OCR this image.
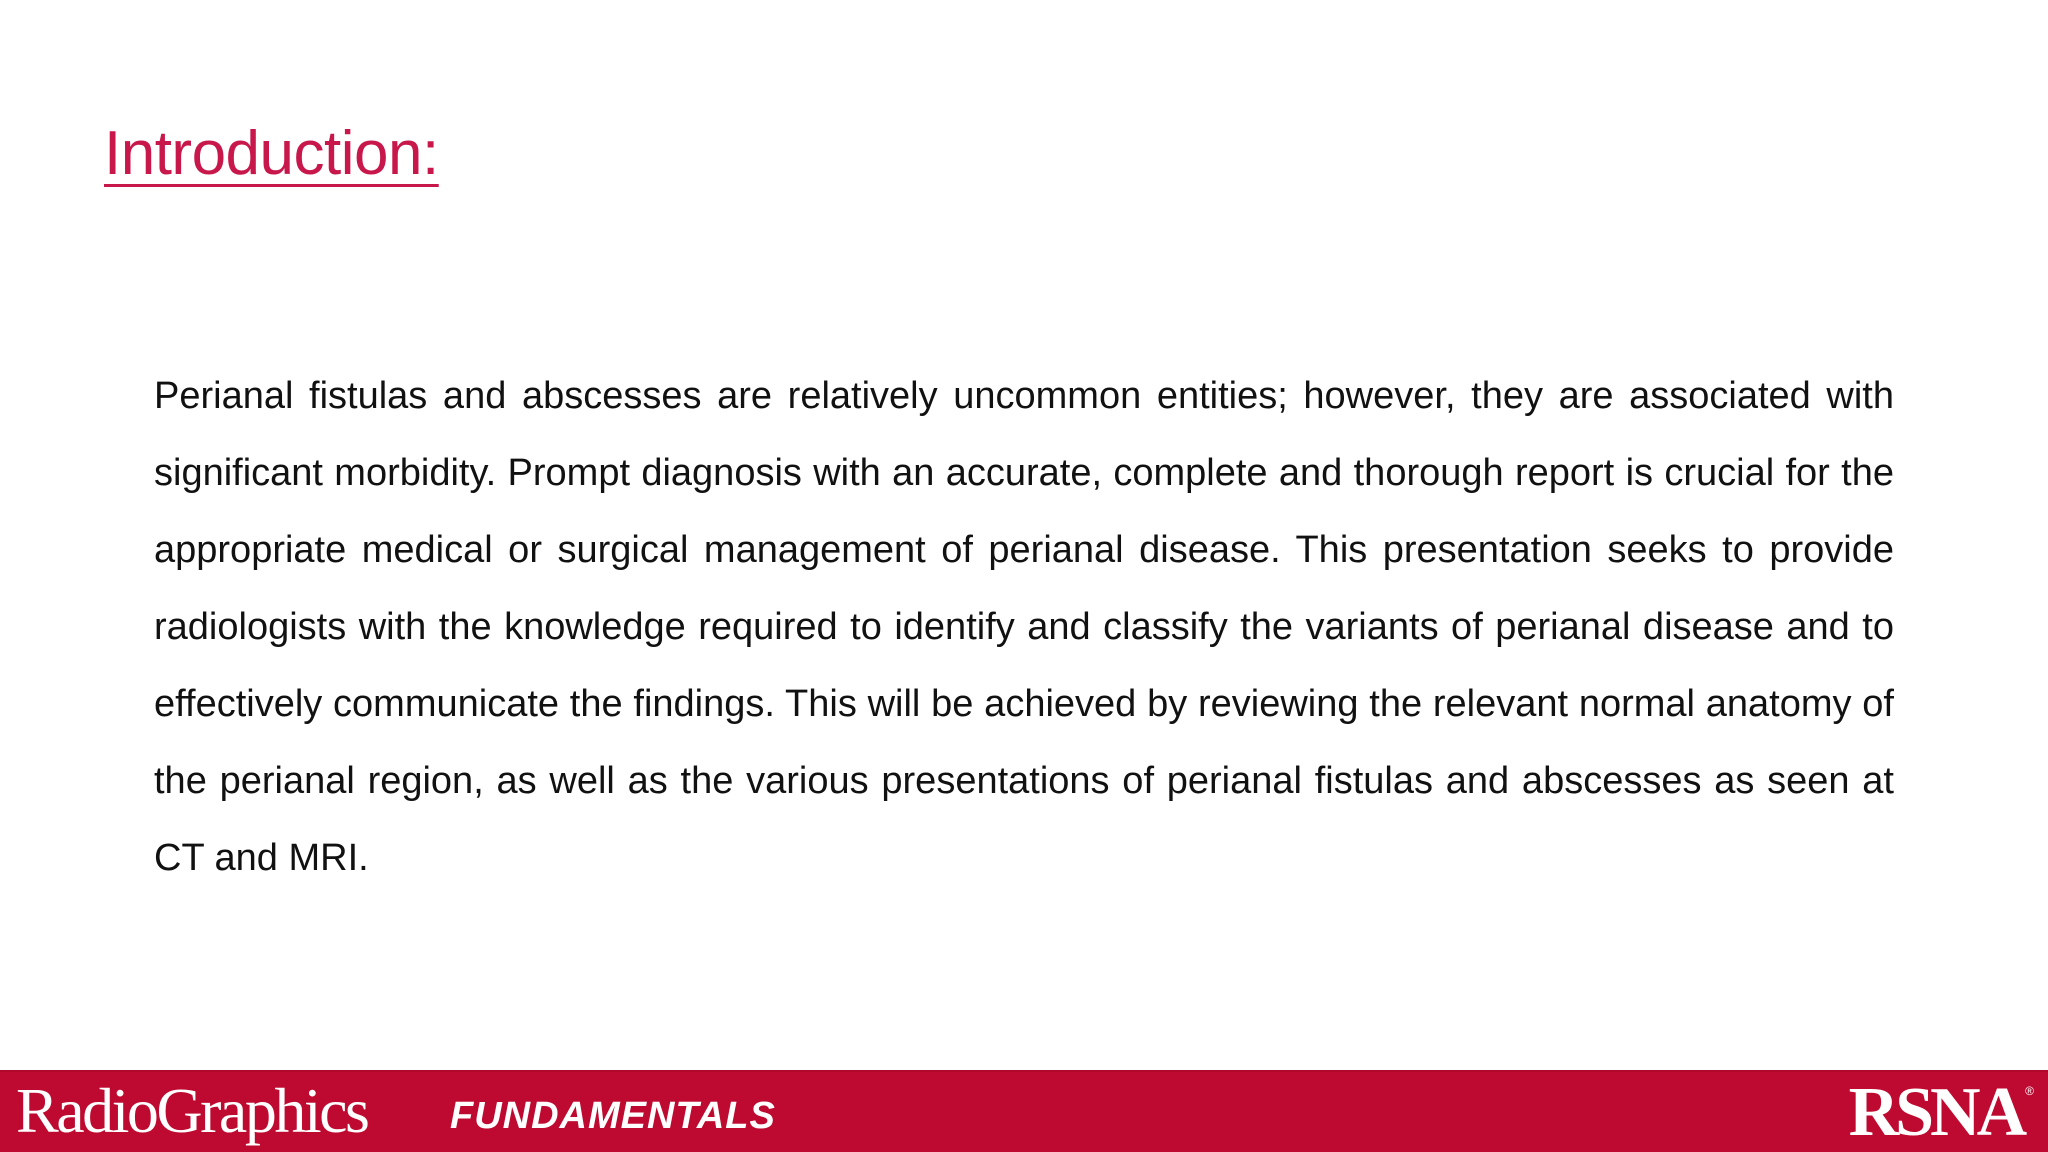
Introduction:
Perianal fistulas and abscesses are relatively uncommon entities; however, they are associated with significant morbidity. Prompt diagnosis with an accurate, complete and thorough report is crucial for the appropriate medical or surgical management of perianal disease. This presentation seeks to provide radiologists with the knowledge required to identify and classify the variants of perianal disease and to effectively communicate the findings. This will be achieved by reviewing the relevant normal anatomy of the perianal region, as well as the various presentations of perianal fistulas and abscesses as seen at CT and MRI.
RadioGraphics FUNDAMENTALS	RSNA ®
